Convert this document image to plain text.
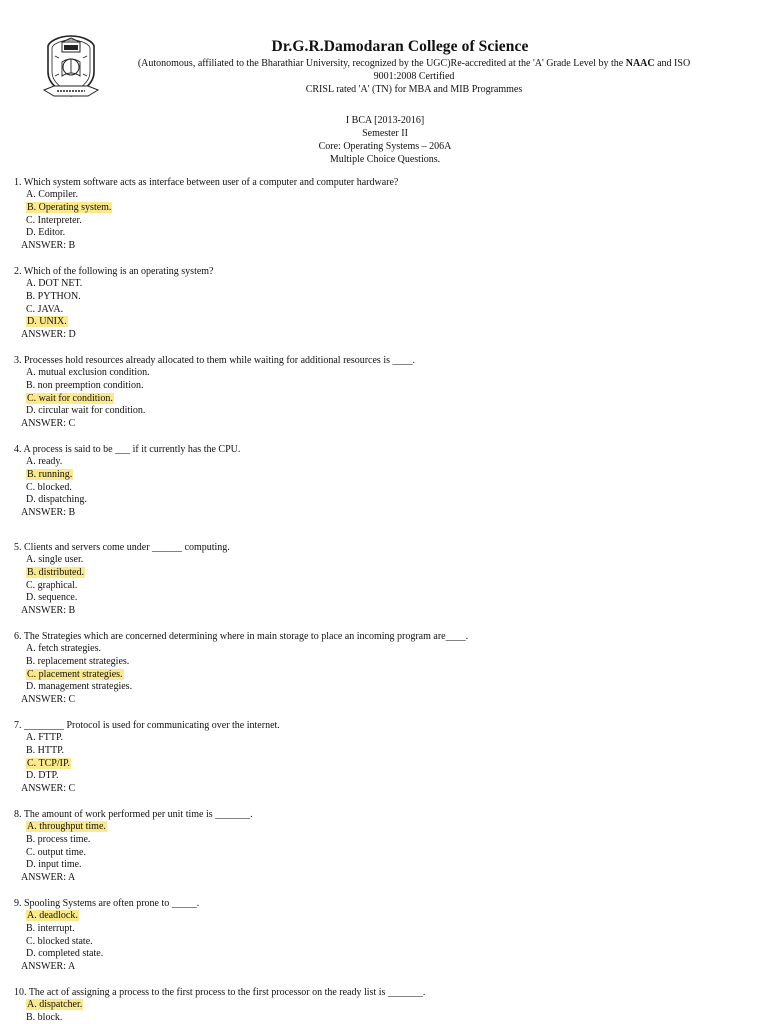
Dr.G.R.Damodaran College of Science
(Autonomous, affiliated to the Bharathiar University, recognized by the UGC)Re-accredited at the 'A' Grade Level by the NAAC and ISO
9001:2008 Certified
CRISL rated 'A' (TN) for MBA and MIB Programmes
I BCA [2013-2016]
Semester II
Core: Operating Systems – 206A
Multiple Choice Questions.
1. Which system software acts as interface between user of a computer and computer hardware?
A. Compiler.
B. Operating system.
C. Interpreter.
D. Editor.
ANSWER: B
2. Which of the following is an operating system?
A. DOT NET.
B. PYTHON.
C. JAVA.
D. UNIX.
ANSWER: D
3. Processes hold resources already allocated to them while waiting for additional resources is ____.
A. mutual exclusion condition.
B. non preemption condition.
C. wait for condition.
D. circular wait for condition.
ANSWER: C
4. A process is said to be ___ if it currently has the CPU.
A. ready.
B. running.
C. blocked.
D. dispatching.
ANSWER: B
5. Clients and servers come under ______ computing.
A. single user.
B. distributed.
C. graphical.
D. sequence.
ANSWER: B
6. The Strategies which are concerned determining where in main storage to place an incoming program are____.
A. fetch strategies.
B. replacement strategies.
C. placement strategies.
D. management strategies.
ANSWER: C
7. ________ Protocol is used for communicating over the internet.
A. FTTP.
B. HTTP.
C. TCP/IP.
D. DTP.
ANSWER: C
8. The amount of work performed per unit time is _______.
A. throughput time.
B. process time.
C. output time.
D. input time.
ANSWER: A
9. Spooling Systems are often prone to _____.
A. deadlock.
B. interrupt.
C. blocked state.
D. completed state.
ANSWER: A
10. The act of assigning a process to the first process to the first processor on the ready list is _______.
A. dispatcher.
B. block.
